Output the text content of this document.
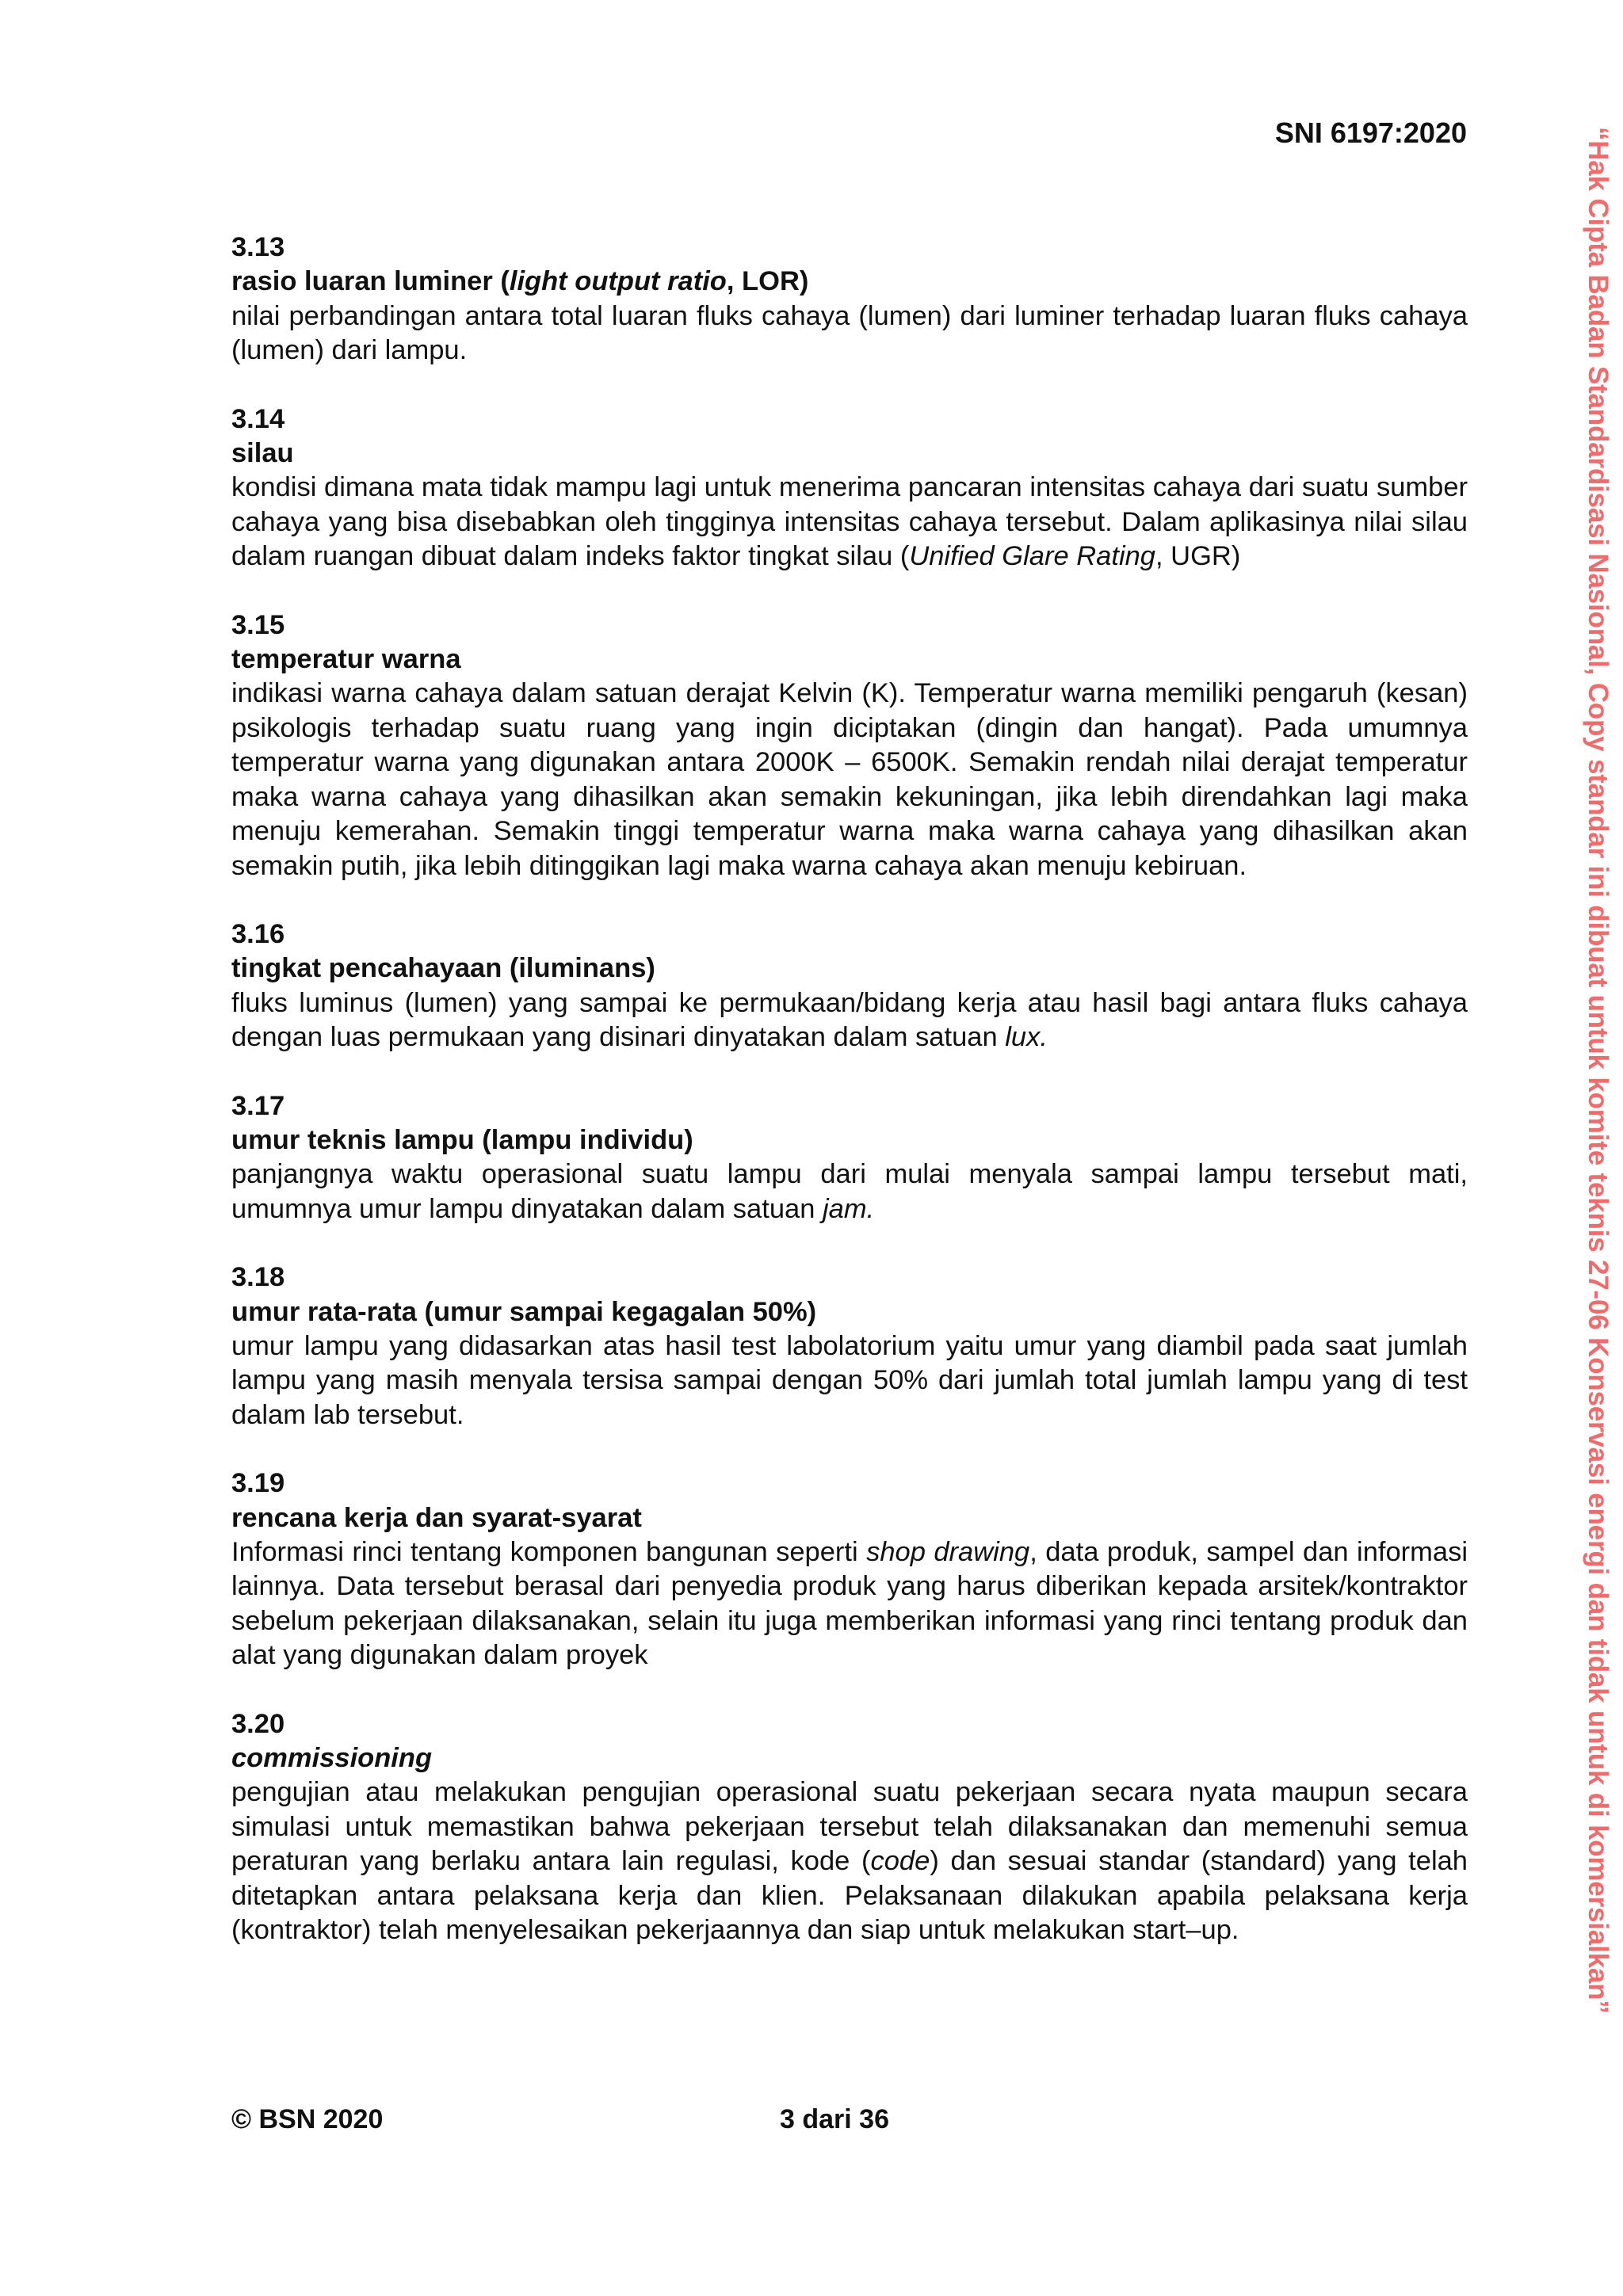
SNI 6197:2020	“Hak Cipta Badan Standardisasi Nasional, Copy standar ini dibuat untuk komite teknis 27-06 Konservasi energi dan tidak untuk di komersialkan”
3.13
rasio luaran luminer (light output ratio, LOR)
nilai perbandingan antara total luaran fluks cahaya (lumen) dari luminer terhadap luaran fluks cahaya (lumen) dari lampu.
3.14
silau
kondisi dimana mata tidak mampu lagi untuk menerima pancaran intensitas cahaya dari suatu sumber cahaya yang bisa disebabkan oleh tingginya intensitas cahaya tersebut. Dalam aplikasinya nilai silau dalam ruangan dibuat dalam indeks faktor tingkat silau (Unified Glare Rating, UGR)
3.15
temperatur warna
indikasi warna cahaya dalam satuan derajat Kelvin (K). Temperatur warna memiliki pengaruh (kesan) psikologis terhadap suatu ruang yang ingin diciptakan (dingin dan hangat). Pada umumnya temperatur warna yang digunakan antara 2000K – 6500K. Semakin rendah nilai derajat temperatur maka warna cahaya yang dihasilkan akan semakin kekuningan, jika lebih direndahkan lagi maka menuju kemerahan. Semakin tinggi temperatur warna maka warna cahaya yang dihasilkan akan semakin putih, jika lebih ditinggikan lagi maka warna cahaya akan menuju kebiruan.
3.16
tingkat pencahayaan (iluminans)
fluks luminus (lumen) yang sampai ke permukaan/bidang kerja atau hasil bagi antara fluks cahaya dengan luas permukaan yang disinari dinyatakan dalam satuan lux.
3.17
umur teknis lampu (lampu individu)
panjangnya waktu operasional suatu lampu dari mulai menyala sampai lampu tersebut mati, umumnya umur lampu dinyatakan dalam satuan jam.
3.18
umur rata-rata (umur sampai kegagalan 50%)
umur lampu yang didasarkan atas hasil test labolatorium yaitu umur yang diambil pada saat jumlah lampu yang masih menyala tersisa sampai dengan 50% dari jumlah total jumlah lampu yang di test dalam lab tersebut.
3.19
rencana kerja dan syarat-syarat
Informasi rinci tentang komponen bangunan seperti shop drawing, data produk, sampel dan informasi lainnya. Data tersebut berasal dari penyedia produk yang harus diberikan kepada arsitek/kontraktor sebelum pekerjaan dilaksanakan, selain itu juga memberikan informasi yang rinci tentang produk dan alat yang digunakan dalam proyek
3.20
commissioning
pengujian atau melakukan pengujian operasional suatu pekerjaan secara nyata maupun secara simulasi untuk memastikan bahwa pekerjaan tersebut telah dilaksanakan dan memenuhi semua peraturan yang berlaku antara lain regulasi, kode (code) dan sesuai standar (standard) yang telah ditetapkan antara pelaksana kerja dan klien. Pelaksanaan dilakukan apabila pelaksana kerja (kontraktor) telah menyelesaikan pekerjaannya dan siap untuk melakukan start–up.
© BSN 2020	3 dari 36
